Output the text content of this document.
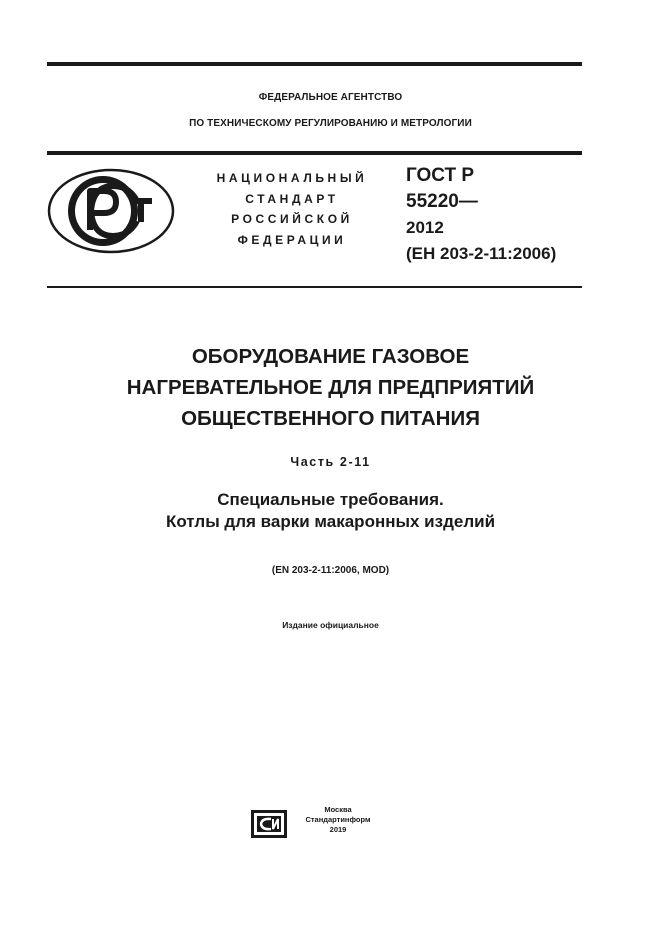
ФЕДЕРАЛЬНОЕ АГЕНТСТВО
ПО ТЕХНИЧЕСКОМУ РЕГУЛИРОВАНИЮ И МЕТРОЛОГИИ
НАЦИОНАЛЬНЫЙ
СТАНДАРТ
РОССИЙСКОЙ
ФЕДЕРАЦИИ
ГОСТ Р
55220—
2012
(ЕН 203-2-11:2006)
ОБОРУДОВАНИЕ ГАЗОВОЕ
НАГРЕВАТЕЛЬНОЕ ДЛЯ ПРЕДПРИЯТИЙ
ОБЩЕСТВЕННОГО ПИТАНИЯ
Часть 2-11
Специальные требования.
Котлы для варки макаронных изделий
(EN 203-2-11:2006, MOD)
Издание официальное
Москва
Стандартинформ
2019
